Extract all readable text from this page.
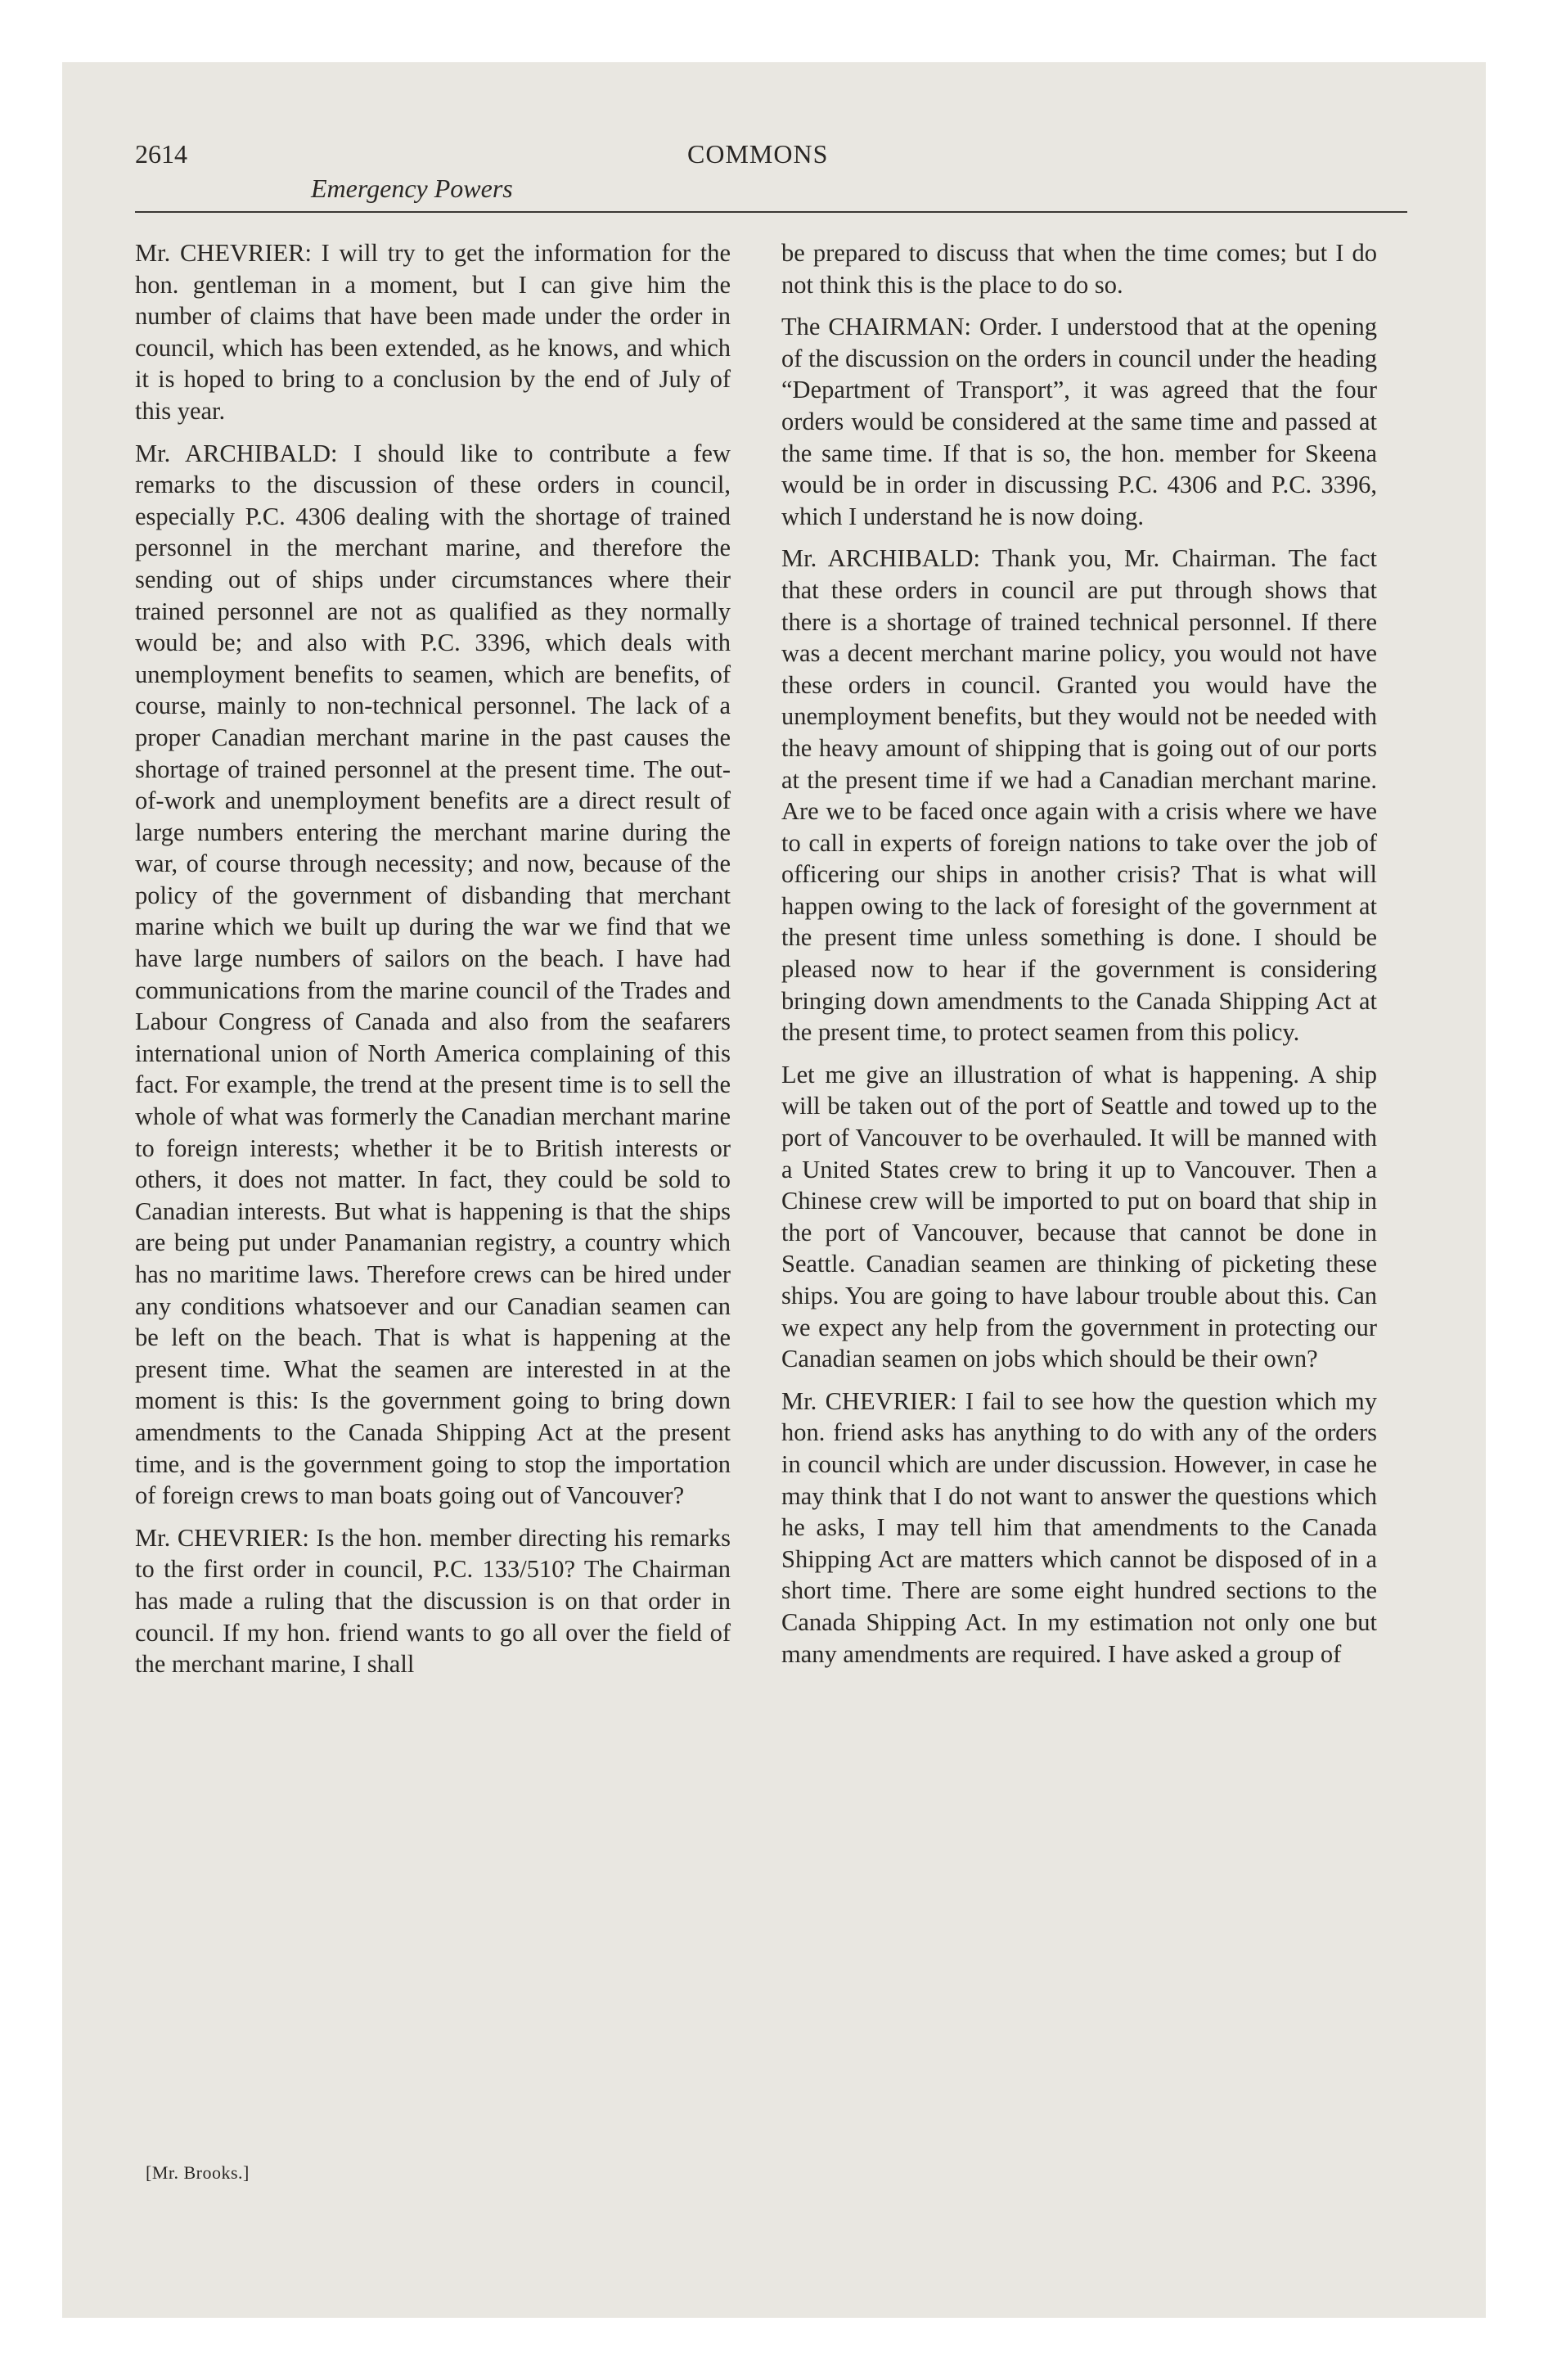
2614	COMMONS
Emergency Powers

Mr. CHEVRIER: I will try to get the information for the hon. gentleman in a moment, but I can give him the number of claims that have been made under the order in council, which has been extended, as he knows, and which it is hoped to bring to a conclusion by the end of July of this year.

Mr. ARCHIBALD: I should like to contribute a few remarks to the discussion of these orders in council, especially P.C. 4306 dealing with the shortage of trained personnel in the merchant marine, and therefore the sending out of ships under circumstances where their trained personnel are not as qualified as they normally would be; and also with P.C. 3396, which deals with unemployment benefits to seamen, which are benefits, of course, mainly to non-technical personnel. The lack of a proper Canadian merchant marine in the past causes the shortage of trained personnel at the present time. The out-of-work and unemployment benefits are a direct result of large numbers entering the merchant marine during the war, of course through necessity; and now, because of the policy of the government of disbanding that merchant marine which we built up during the war we find that we have large numbers of sailors on the beach. I have had communications from the marine council of the Trades and Labour Congress of Canada and also from the seafarers international union of North America complaining of this fact. For example, the trend at the present time is to sell the whole of what was formerly the Canadian merchant marine to foreign interests; whether it be to British interests or others, it does not matter. In fact, they could be sold to Canadian interests. But what is happening is that the ships are being put under Panamanian registry, a country which has no maritime laws. Therefore crews can be hired under any conditions whatsoever and our Canadian seamen can be left on the beach. That is what is happening at the present time. What the seamen are interested in at the moment is this: Is the government going to bring down amendments to the Canada Shipping Act at the present time, and is the government going to stop the importation of foreign crews to man boats going out of Vancouver?

Mr. CHEVRIER: Is the hon. member directing his remarks to the first order in council, P.C. 133/510? The Chairman has made a ruling that the discussion is on that order in council. If my hon. friend wants to go all over the field of the merchant marine, I shall

be prepared to discuss that when the time comes; but I do not think this is the place to do so.

The CHAIRMAN: Order. I understood that at the opening of the discussion on the orders in council under the heading “Department of Transport”, it was agreed that the four orders would be considered at the same time and passed at the same time. If that is so, the hon. member for Skeena would be in order in discussing P.C. 4306 and P.C. 3396, which I understand he is now doing.

Mr. ARCHIBALD: Thank you, Mr. Chairman. The fact that these orders in council are put through shows that there is a shortage of trained technical personnel. If there was a decent merchant marine policy, you would not have these orders in council. Granted you would have the unemployment benefits, but they would not be needed with the heavy amount of shipping that is going out of our ports at the present time if we had a Canadian merchant marine. Are we to be faced once again with a crisis where we have to call in experts of foreign nations to take over the job of officering our ships in another crisis? That is what will happen owing to the lack of foresight of the government at the present time unless something is done. I should be pleased now to hear if the government is considering bringing down amendments to the Canada Shipping Act at the present time, to protect seamen from this policy.

Let me give an illustration of what is happening. A ship will be taken out of the port of Seattle and towed up to the port of Vancouver to be overhauled. It will be manned with a United States crew to bring it up to Vancouver. Then a Chinese crew will be imported to put on board that ship in the port of Vancouver, because that cannot be done in Seattle. Canadian seamen are thinking of picketing these ships. You are going to have labour trouble about this. Can we expect any help from the government in protecting our Canadian seamen on jobs which should be their own?

Mr. CHEVRIER: I fail to see how the question which my hon. friend asks has anything to do with any of the orders in council which are under discussion. However, in case he may think that I do not want to answer the questions which he asks, I may tell him that amendments to the Canada Shipping Act are matters which cannot be disposed of in a short time. There are some eight hundred sections to the Canada Shipping Act. In my estimation not only one but many amendments are required. I have asked a group of

[Mr. Brooks.]
